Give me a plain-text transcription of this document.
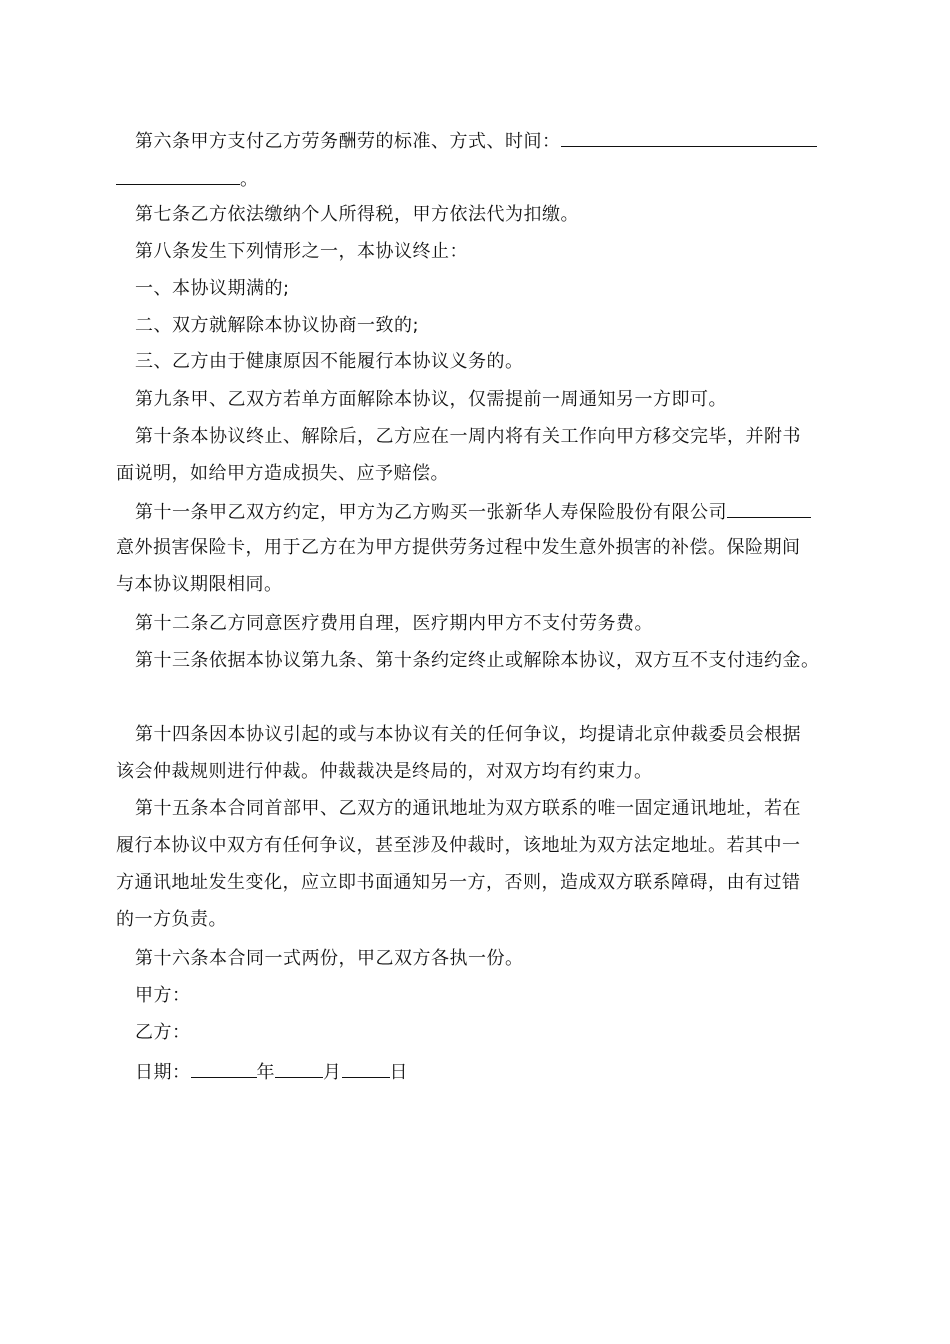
第六条甲方支付乙方劳务酬劳的标准、方式、时间：
。
第七条乙方依法缴纳个人所得税，甲方依法代为扣缴。
第八条发生下列情形之一，本协议终止：
一、本协议期满的;
二、双方就解除本协议协商一致的;
三、乙方由于健康原因不能履行本协议义务的。
第九条甲、乙双方若单方面解除本协议，仅需提前一周通知另一方即可。
第十条本协议终止、解除后，乙方应在一周内将有关工作向甲方移交完毕，并附书
面说明，如给甲方造成损失、应予赔偿。
第十一条甲乙双方约定，甲方为乙方购买一张新华人寿保险股份有限公司
意外损害保险卡，用于乙方在为甲方提供劳务过程中发生意外损害的补偿。保险期间
与本协议期限相同。
第十二条乙方同意医疗费用自理，医疗期内甲方不支付劳务费。
第十三条依据本协议第九条、第十条约定终止或解除本协议，双方互不支付违约金。
第十四条因本协议引起的或与本协议有关的任何争议，均提请北京仲裁委员会根据
该会仲裁规则进行仲裁。仲裁裁决是终局的，对双方均有约束力。
第十五条本合同首部甲、乙双方的通讯地址为双方联系的唯一固定通讯地址，若在
履行本协议中双方有任何争议，甚至涉及仲裁时，该地址为双方法定地址。若其中一
方通讯地址发生变化，应立即书面通知另一方，否则，造成双方联系障碍，由有过错
的一方负责。
第十六条本合同一式两份，甲乙双方各执一份。
甲方：
乙方：
日期：	年	月	日
